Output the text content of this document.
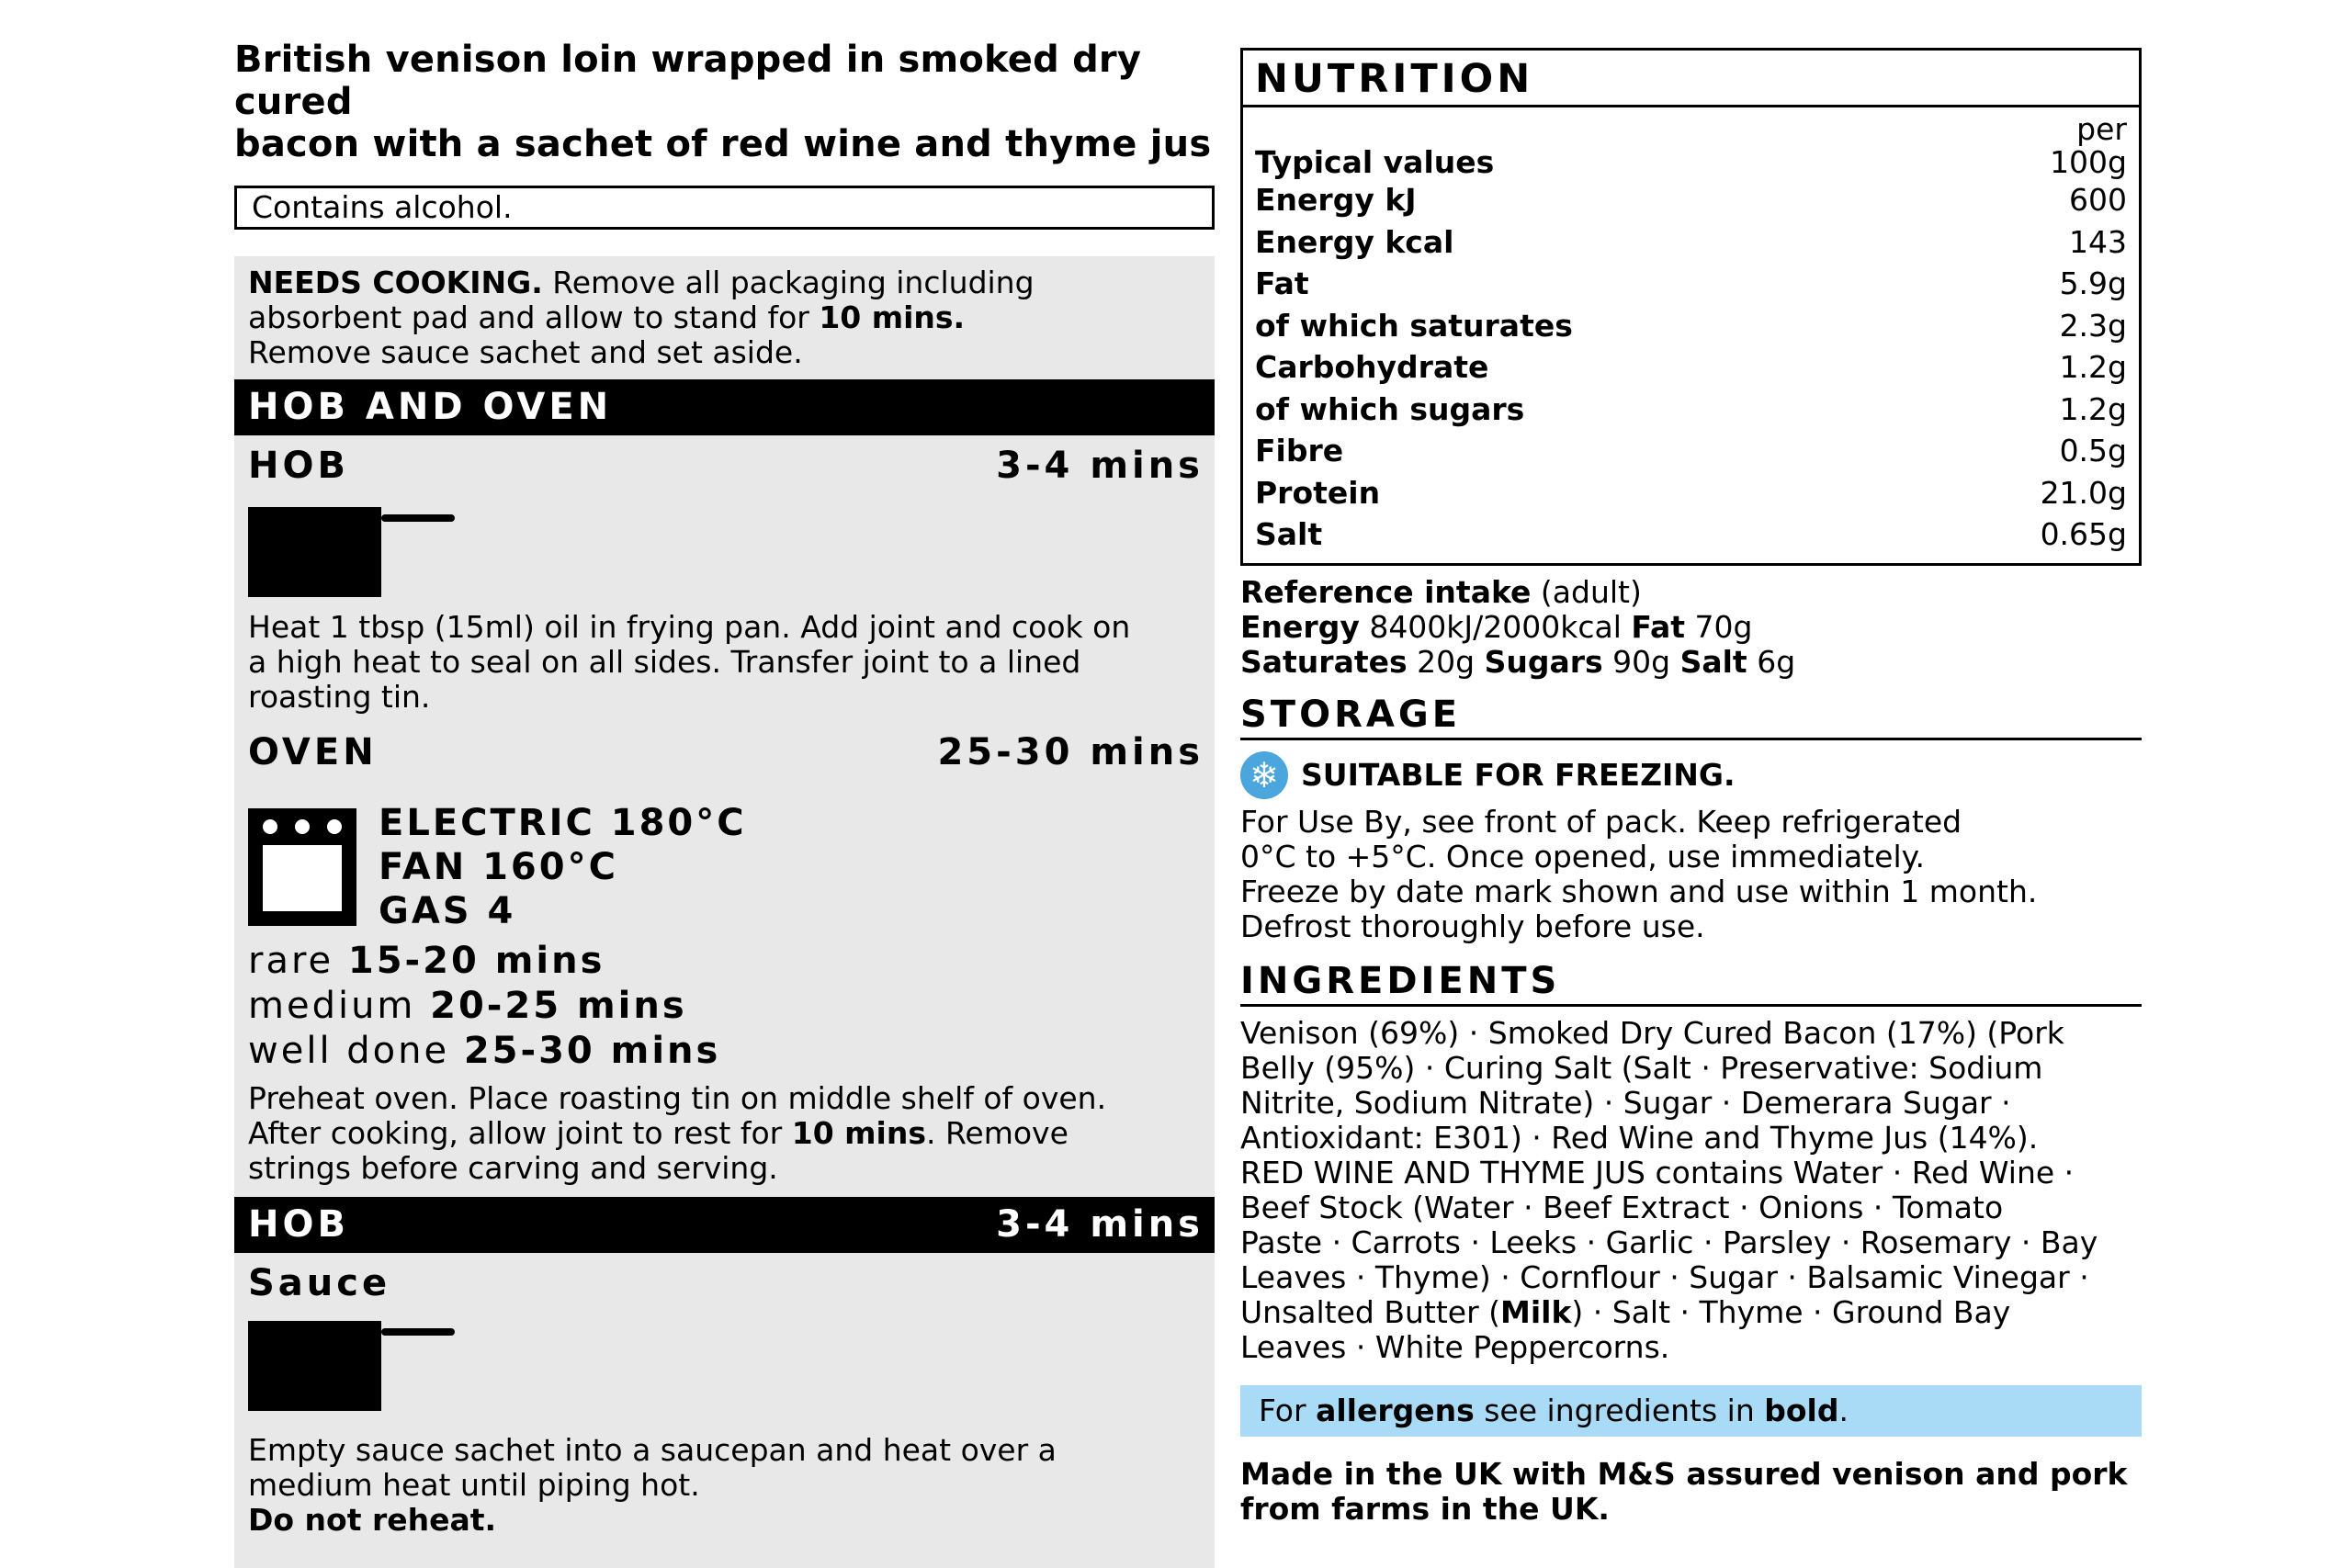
British venison loin wrapped in smoked dry cured
bacon with a sachet of red wine and thyme jus
Contains alcohol.
NEEDS COOKING. Remove all packaging including
absorbent pad and allow to stand for 10 mins.
Remove sauce sachet and set aside.
HOB AND OVEN
HOB	3-4 mins
Heat 1 tbsp (15ml) oil in frying pan. Add joint and cook on
a high heat to seal on all sides. Transfer joint to a lined
roasting tin.
OVEN	25-30 mins
ELECTRIC 180°C
FAN 160°C
GAS 4
rare 15-20 mins
medium 20-25 mins
well done 25-30 mins
Preheat oven. Place roasting tin on middle shelf of oven.
After cooking, allow joint to rest for 10 mins. Remove
strings before carving and serving.
HOB	3-4 mins
Sauce
Empty sauce sachet into a saucepan and heat over a
medium heat until piping hot.
Do not reheat.
NUTRITION
per
Typical values	100g
Energy kJ	600
Energy kcal	143
Fat	5.9g
of which saturates	2.3g
Carbohydrate	1.2g
of which sugars	1.2g
Fibre	0.5g
Protein	21.0g
Salt	0.65g
Reference intake (adult)
Energy 8400kJ/2000kcal Fat 70g
Saturates 20g Sugars 90g Salt 6g
STORAGE
❄ SUITABLE FOR FREEZING.
For Use By, see front of pack. Keep refrigerated
0°C to +5°C. Once opened, use immediately.
Freeze by date mark shown and use within 1 month.
Defrost thoroughly before use.
INGREDIENTS
Venison (69%) · Smoked Dry Cured Bacon (17%) (Pork
Belly (95%) · Curing Salt (Salt · Preservative: Sodium
Nitrite, Sodium Nitrate) · Sugar · Demerara Sugar ·
Antioxidant: E301) · Red Wine and Thyme Jus (14%).
RED WINE AND THYME JUS contains Water · Red Wine ·
Beef Stock (Water · Beef Extract · Onions · Tomato
Paste · Carrots · Leeks · Garlic · Parsley · Rosemary · Bay
Leaves · Thyme) · Cornflour · Sugar · Balsamic Vinegar ·
Unsalted Butter (Milk) · Salt · Thyme · Ground Bay
Leaves · White Peppercorns.
For allergens see ingredients in bold.
Made in the UK with M&S assured venison and pork
from farms in the UK.
